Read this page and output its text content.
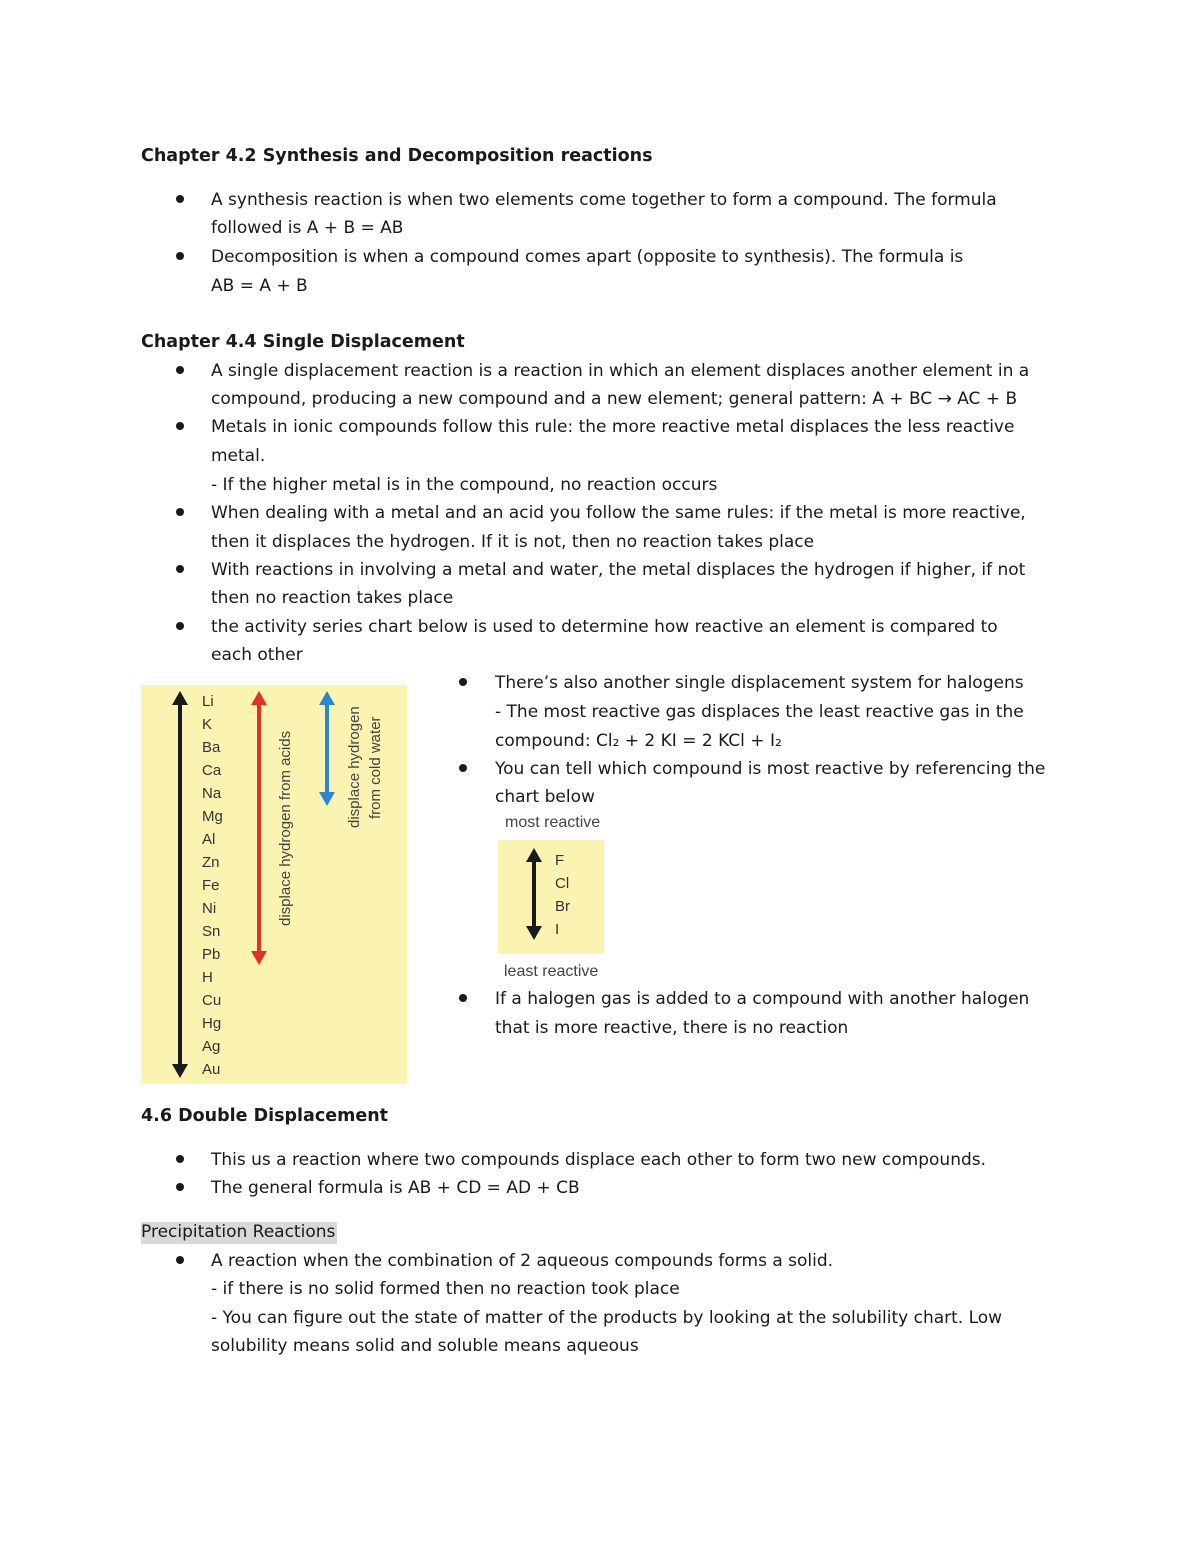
Chapter 4.2 Synthesis and Decomposition reactions
A synthesis reaction is when two elements come together to form a compound. The formula
followed is A + B = AB
Decomposition is when a compound comes apart (opposite to synthesis). The formula is
AB = A + B
Chapter 4.4 Single Displacement
A single displacement reaction is a reaction in which an element displaces another element in a
compound, producing a new compound and a new element; general pattern: A + BC → AC + B
Metals in ionic compounds follow this rule: the more reactive metal displaces the less reactive
metal.
- If the higher metal is in the compound, no reaction occurs
When dealing with a metal and an acid you follow the same rules: if the metal is more reactive,
then it displaces the hydrogen. If it is not, then no reaction takes place
With reactions in involving a metal and water, the metal displaces the hydrogen if higher, if not
then no reaction takes place
the activity series chart below is used to determine how reactive an element is compared to
each other
Li
K
Ba
Ca
Na
Mg
Al
Zn
Fe
Ni
Sn
Pb
H
Cu
Hg
Ag
Au
displace hydrogen from acids	displace hydrogen from cold water
There’s also another single displacement system for halogens
- The most reactive gas displaces the least reactive gas in the
compound: Cl₂ + 2 KI = 2 KCl + I₂
You can tell which compound is most reactive by referencing the
chart below
most reactive
F
Cl
Br
I
least reactive
If a halogen gas is added to a compound with another halogen
that is more reactive, there is no reaction
4.6 Double Displacement
This us a reaction where two compounds displace each other to form two new compounds.
The general formula is AB + CD = AD + CB
Precipitation Reactions
A reaction when the combination of 2 aqueous compounds forms a solid.
- if there is no solid formed then no reaction took place
- You can figure out the state of matter of the products by looking at the solubility chart. Low
solubility means solid and soluble means aqueous
